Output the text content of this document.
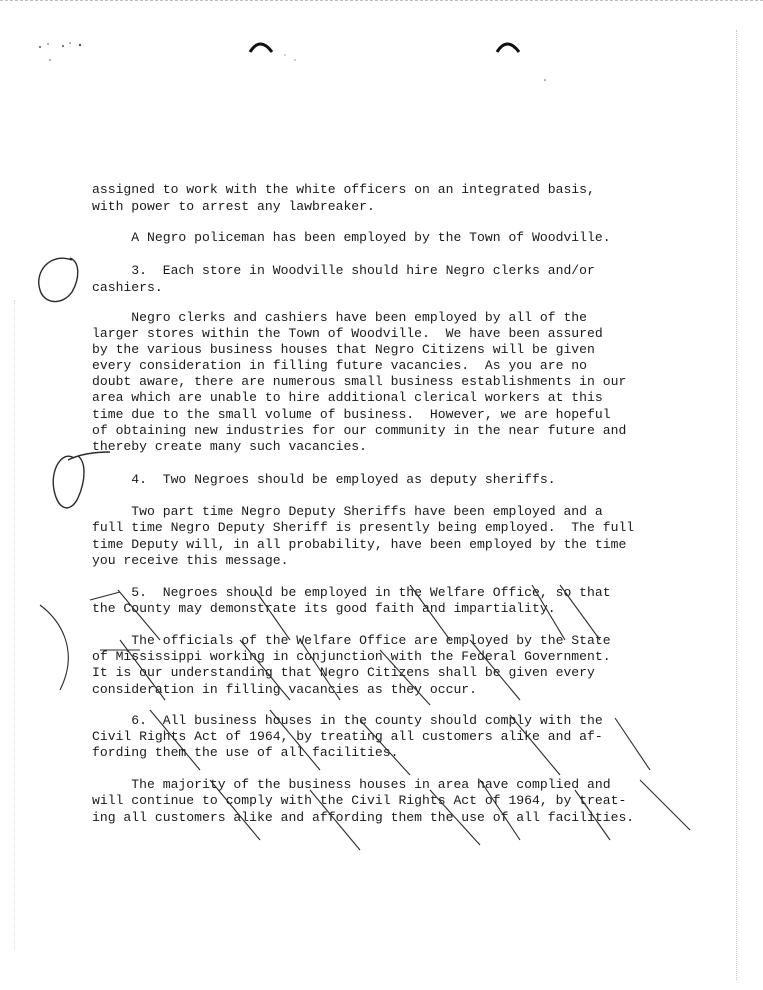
assigned to work with the white officers on an integrated basis,
with power to arrest any lawbreaker.
A Negro policeman has been employed by the Town of Woodville.
3.  Each store in Woodville should hire Negro clerks and/or
cashiers.
Negro clerks and cashiers have been employed by all of the
larger stores within the Town of Woodville.  We have been assured
by the various business houses that Negro Citizens will be given
every consideration in filling future vacancies.  As you are no
doubt aware, there are numerous small business establishments in our
area which are unable to hire additional clerical workers at this
time due to the small volume of business.  However, we are hopeful
of obtaining new industries for our community in the near future and
thereby create many such vacancies.
4.  Two Negroes should be employed as deputy sheriffs.
Two part time Negro Deputy Sheriffs have been employed and a
full time Negro Deputy Sheriff is presently being employed.  The full
time Deputy will, in all probability, have been employed by the time
you receive this message.
5.  Negroes should be employed in the Welfare Office, so that
the County may demonstrate its good faith and impartiality.
The officials of the Welfare Office are employed by the State
of Mississippi working in conjunction with the Federal Government.
It is our understanding that Negro Citizens shall be given every
consideration in filling vacancies as they occur.
6.  All business houses in the county should comply with the
Civil Rights Act of 1964, by treating all customers alike and af-
fording them the use of all facilities.
The majority of the business houses in area have complied and
will continue to comply with the Civil Rights Act of 1964, by treat-
ing all customers alike and affording them the use of all facilities.
